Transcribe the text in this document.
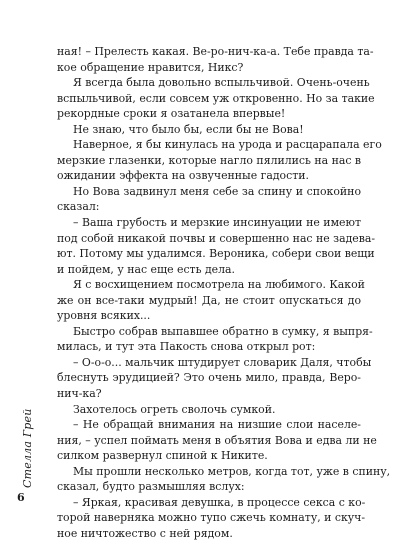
ная! – Прелесть какая. Ве-ро-нич-ка-а. Тебе правда та-
кое обращение нравится, Никс?
Я всегда была довольно вспыльчивой. Очень-очень
вспыльчивой, если совсем уж откровенно. Но за такие
рекордные сроки я озатанела впервые!
Не знаю, что было бы, если бы не Вова!
Наверное, я бы кинулась на урода и расцарапала его
мерзкие глазенки, которые нагло пялились на нас в
ожидании эффекта на озвученные гадости.
Но Вова задвинул меня себе за спину и спокойно
сказал:
– Ваша грубость и мерзкие инсинуации не имеют
под собой никакой почвы и совершенно нас не задева-
ют. Потому мы удалимся. Вероника, собери свои вещи
и пойдем, у нас еще есть дела.
Я с восхищением посмотрела на любимого. Какой
же он все-таки мудрый! Да, не стоит опускаться до
уровня всяких...
Быстро собрав выпавшее обратно в сумку, я выпря-
милась, и тут эта Пакость снова открыл рот:
– О-о-о... мальчик штудирует словарик Даля, чтобы
блеснуть эрудицией? Это очень мило, правда, Веро-
нич-ка?
Захотелось огреть сволочь сумкой.
– Не обращай внимания на низшие слои населе-
ния, – успел поймать меня в объятия Вова и едва ли не
силком развернул спиной к Никите.
Мы прошли несколько метров, когда тот, уже в спину,
сказал, будто размышляя вслух:
– Яркая, красивая девушка, в процессе секса с ко-
торой наверняка можно тупо сжечь комнату, и скуч-
ное ничтожество с ней рядом.
Стелла Грей
6
